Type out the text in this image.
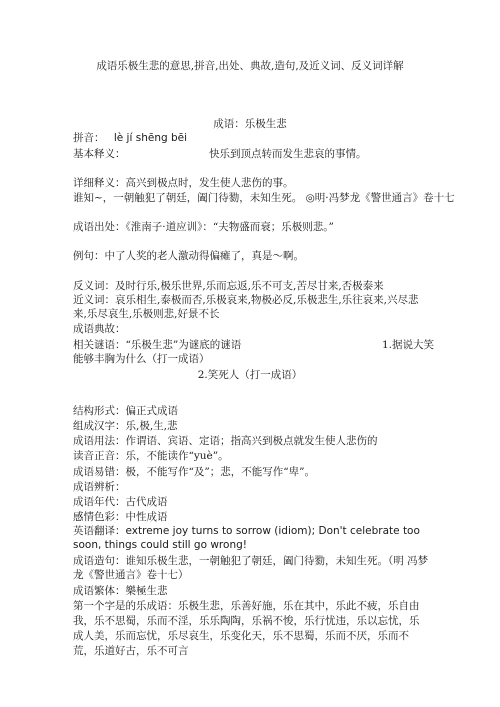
成语乐极生悲的意思,拼音,出处、典故,造句,及近义词、反义词详解
成语：乐极生悲
拼音： lè jí shēng bēi
基本释义：	快乐到顶点转而发生悲哀的事情。
详细释义：高兴到极点时，发生使人悲伤的事。
谁知~，一朝触犯了朝廷，阖门待勠，未知生死。 ◎明·冯梦龙《警世通言》卷十七
成语出处：《淮南子·道应训》：“夫物盛而衰；乐极则悲。”
例句：中了人奖的老人激动得偏瘫了，真是～啊。
反义词：及时行乐,极乐世界,乐而忘返,乐不可支,苦尽甘来,否极泰来
近义词：哀乐相生,泰极而否,乐极哀来,物极必反,乐极悲生,乐往哀来,兴尽悲来,乐尽哀生,乐极则悲,好景不长
成语典故：
相关谜语：“乐极生悲”为谜底的谜语	1.据说大笑
能够丰胸为什么（打一成语）
2.笑死人（打一成语）
结构形式：偏正式成语
组成汉字：乐,极,生,悲
成语用法：作谓语、宾语、定语；指高兴到极点就发生使人悲伤的
读音正音：乐，不能读作“yuè”。
成语易错：极，不能写作“及”；悲，不能写作“卑”。
成语辨析：
成语年代：古代成语
感情色彩：中性成语
英语翻译：extreme joy turns to sorrow (idiom); Don't celebrate too soon, things could still go wrong!
成语造句：谁知乐极生悲，一朝触犯了朝廷，阖门待勠，未知生死。（明 冯梦龙《警世通言》卷十七）
成语繁体：樂極生悲
第一个字是的乐成语：乐极生悲，乐善好施，乐在其中，乐此不疲，乐自由我，乐不思蜀，乐而不淫，乐乐陶陶，乐祸不悛，乐行忧违，乐以忘忧，乐成人美，乐而忘忧，乐尽哀生，乐变化天，乐不思蜀，乐而不厌，乐而不荒，乐道好古，乐不可言
